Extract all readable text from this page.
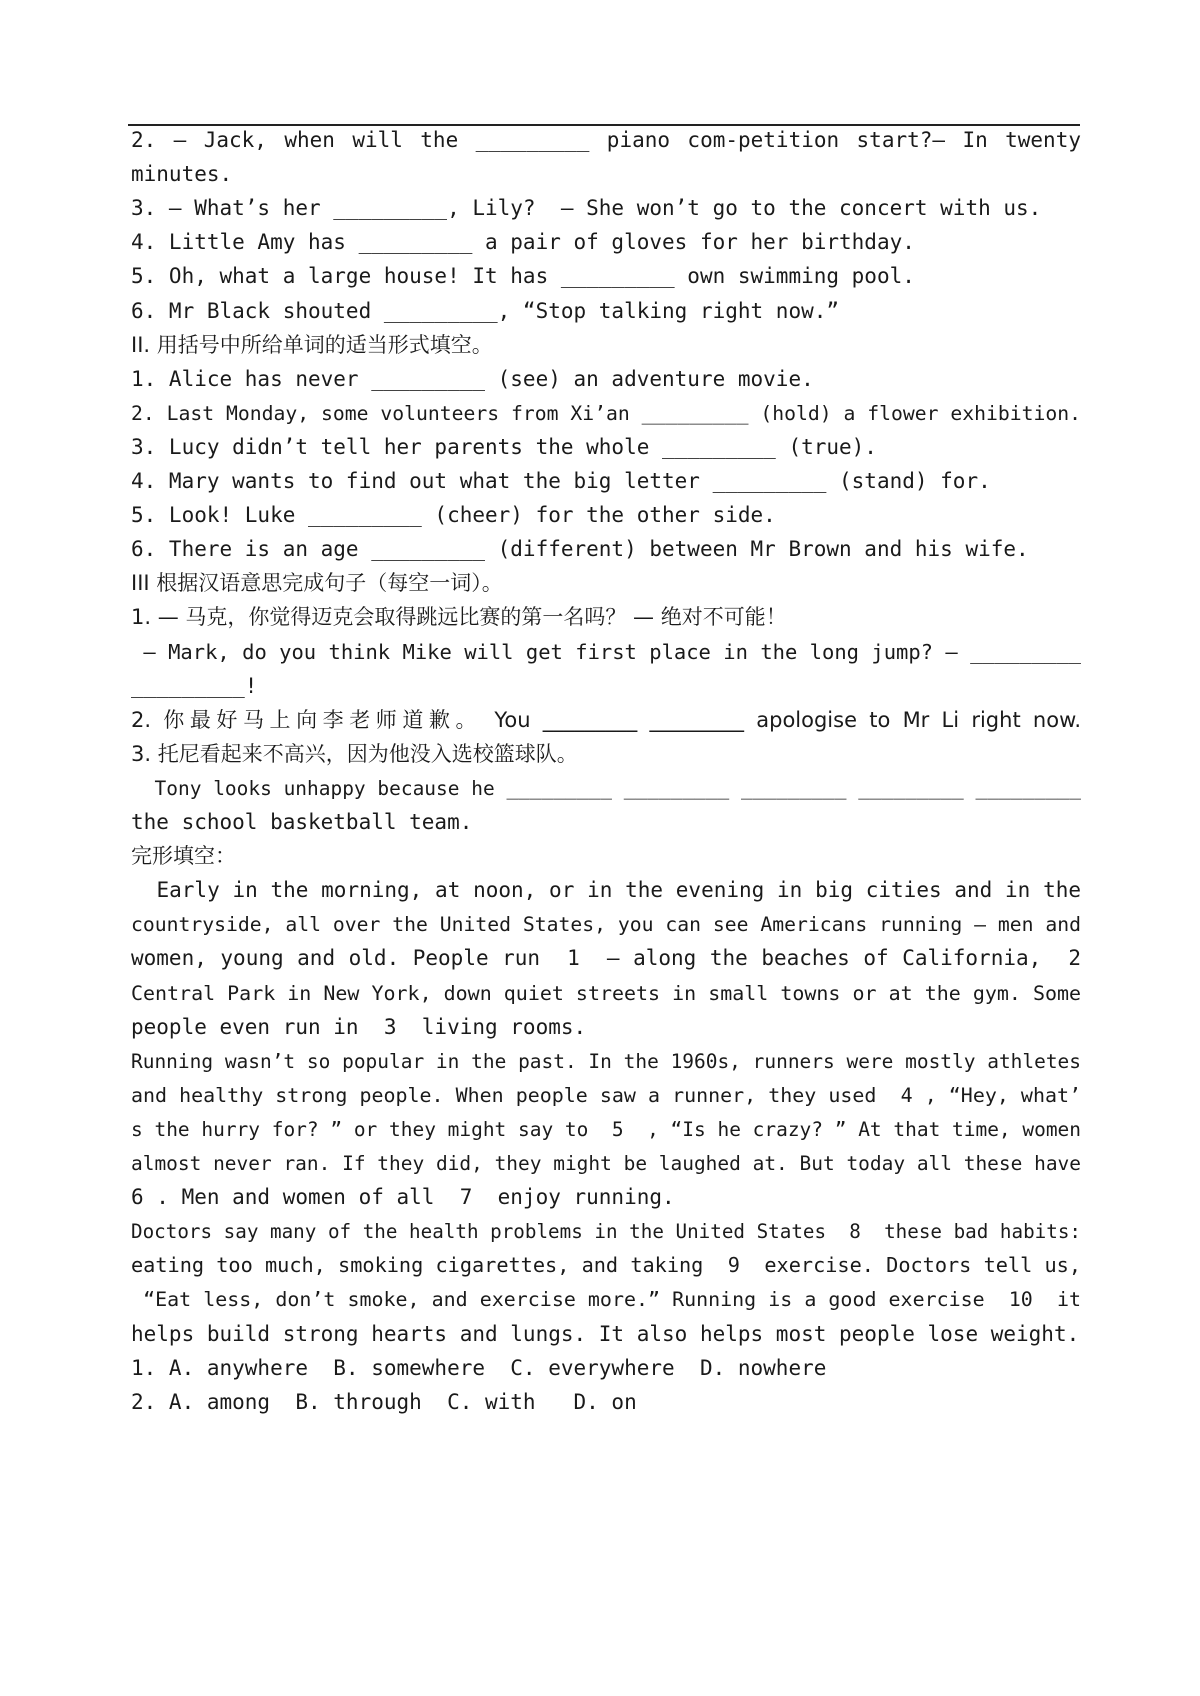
2. — Jack, when will the _________ piano com-petition start?— In twenty
minutes.
3. — What’s her _________, Lily?  — She won’t go to the concert with us.
4. Little Amy has _________ a pair of gloves for her birthday.
5. Oh, what a large house! It has _________ own swimming pool.
6. Mr Black shouted _________, “Stop talking right now.”
II. 用括号中所给单词的适当形式填空。
1. Alice has never _________ (see) an adventure movie.
2. Last Monday, some volunteers from Xi’an _________ (hold) a flower exhibition.
3. Lucy didn’t tell her parents the whole _________ (true).
4. Mary wants to find out what the big letter _________ (stand) for.
5. Look! Luke _________ (cheer) for the other side.
6. There is an age _________ (different) between Mr Brown and his wife.
III 根据汉语意思完成句子（每空一词）。
1. — 马克，你觉得迈克会取得跳远比赛的第一名吗？ — 绝对不可能！
— Mark, do you think Mike will get first place in the long jump? — _________
_________!
2. 你最好马上向李老师道歉。 You _________ _________ apologise to Mr Li right now.
3. 托尼看起来不高兴，因为他没入选校篮球队。
Tony looks unhappy because he _________ _________ _________ _________ _________
the school basketball team.
完形填空：
Early in the morning, at noon, or in the evening in big cities and in the
countryside, all over the United States, you can see Americans running — men and
women, young and old. People run  1  — along the beaches of California,  2
Central Park in New York, down quiet streets in small towns or at the gym. Some
people even run in  3  living rooms.
Running wasn’t so popular in the past. In the 1960s, runners were mostly athletes
and healthy strong people. When people saw a runner, they used  4 , “Hey, what’
s the hurry for? ” or they might say to  5  , “Is he crazy? ” At that time, women
almost never ran. If they did, they might be laughed at. But today all these have
6 . Men and women of all  7  enjoy running.
Doctors say many of the health problems in the United States  8  these bad habits:
eating too much, smoking cigarettes, and taking  9  exercise. Doctors tell us,
“Eat less, don’t smoke, and exercise more.” Running is a good exercise  10  it
helps build strong hearts and lungs. It also helps most people lose weight.
1. A. anywhere  B. somewhere  C. everywhere  D. nowhere
2. A. among  B. through  C. with   D. on
